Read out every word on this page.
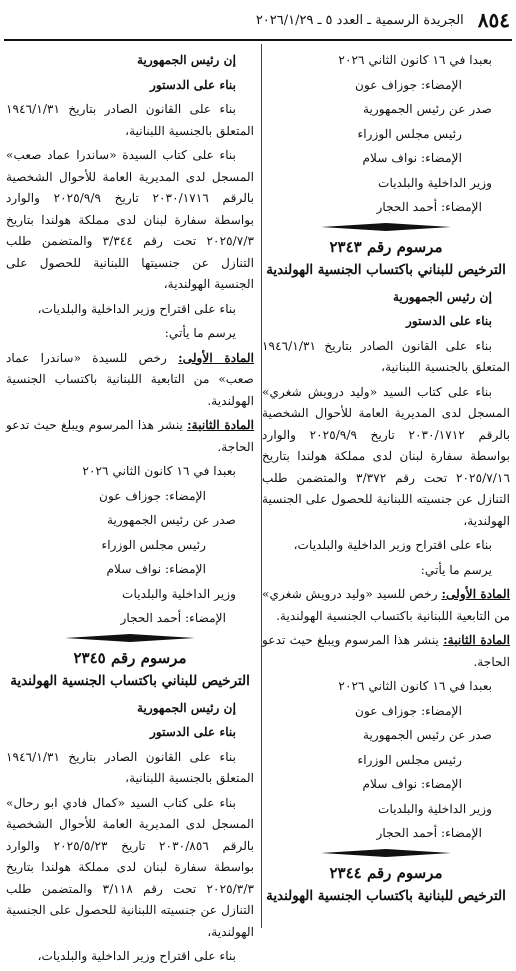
٨٥٤
الجريدة الرسمية ـ العدد ٥ ـ ٢٠٢٦/١/٢٩

بعبدا في ١٦ كانون الثاني ٢٠٢٦

الإمضاء: جوزاف عون

صدر عن رئيس الجمهورية

رئيس مجلس الوزراء

الإمضاء: نواف سلام

وزير الداخلية والبلديات

الإمضاء: أحمد الحجار

مرسوم رقم ٢٣٤٣
الترخيص للبناني باكتساب الجنسية الهولندية

إن رئيس الجمهورية

بناء على الدستور

بناء على القانون الصادر بتاريخ ١٩٤٦/١/٣١ المتعلق بالجنسية اللبنانية،

بناء على كتاب السيد «وليد درويش شغري» المسجل لدى المديرية العامة للأحوال الشخصية بالرقم ٢٠٣٠/١٧١٢ تاريخ ٢٠٢٥/٩/٩ والوارد بواسطة سفارة لبنان لدى مملكة هولندا بتاريخ ٢٠٢٥/٧/١٦ تحت رقم ٣/٣٧٢ والمتضمن طلب التنازل عن جنسيته اللبنانية للحصول على الجنسية الهولندية،

بناء على اقتراح وزير الداخلية والبلديات،

يرسم ما يأتي:

المادة الأولى: رخص للسيد «وليد درويش شغري» من التابعية اللبنانية باكتساب الجنسية الهولندية.

المادة الثانية: ينشر هذا المرسوم ويبلغ حيث تدعو الحاجة.

بعبدا في ١٦ كانون الثاني ٢٠٢٦

الإمضاء: جوزاف عون

صدر عن رئيس الجمهورية

رئيس مجلس الوزراء

الإمضاء: نواف سلام

وزير الداخلية والبلديات

الإمضاء: أحمد الحجار

مرسوم رقم ٢٣٤٤
الترخيص للبنانية باكتساب الجنسية الهولندية

إن رئيس الجمهورية

بناء على الدستور

بناء على القانون الصادر بتاريخ ١٩٤٦/١/٣١ المتعلق بالجنسية اللبنانية،

بناء على كتاب السيدة «ساندرا عماد صعب» المسجل لدى المديرية العامة للأحوال الشخصية بالرقم ٢٠٣٠/١٧١٦ تاريخ ٢٠٢٥/٩/٩ والوارد بواسطة سفارة لبنان لدى مملكة هولندا بتاريخ ٢٠٢٥/٧/٣ تحت رقم ٣/٣٤٤ والمتضمن طلب التنازل عن جنسيتها اللبنانية للحصول على الجنسية الهولندية،

بناء على اقتراح وزير الداخلية والبلديات،

يرسم ما يأتي:

المادة الأولى: رخص للسيدة «ساندرا عماد صعب» من التابعية اللبنانية باكتساب الجنسية الهولندية.

المادة الثانية: ينشر هذا المرسوم ويبلغ حيث تدعو الحاجة.

بعبدا في ١٦ كانون الثاني ٢٠٢٦

الإمضاء: جوزاف عون

صدر عن رئيس الجمهورية

رئيس مجلس الوزراء

الإمضاء: نواف سلام

وزير الداخلية والبلديات

الإمضاء: أحمد الحجار

مرسوم رقم ٢٣٤٥
الترخيص للبناني باكتساب الجنسية الهولندية

إن رئيس الجمهورية

بناء على الدستور

بناء على القانون الصادر بتاريخ ١٩٤٦/١/٣١ المتعلق بالجنسية اللبنانية،

بناء على كتاب السيد «كمال فادي ابو رحال» المسجل لدى المديرية العامة للأحوال الشخصية بالرقم ٢٠٣٠/٨٥٦ تاريخ ٢٠٢٥/٥/٢٣ والوارد بواسطة سفارة لبنان لدى مملكة هولندا بتاريخ ٢٠٢٥/٣/٣ تحت رقم ٣/١١٨ والمتضمن طلب التنازل عن جنسيته اللبنانية للحصول على الجنسية الهولندية،

بناء على اقتراح وزير الداخلية والبلديات،
